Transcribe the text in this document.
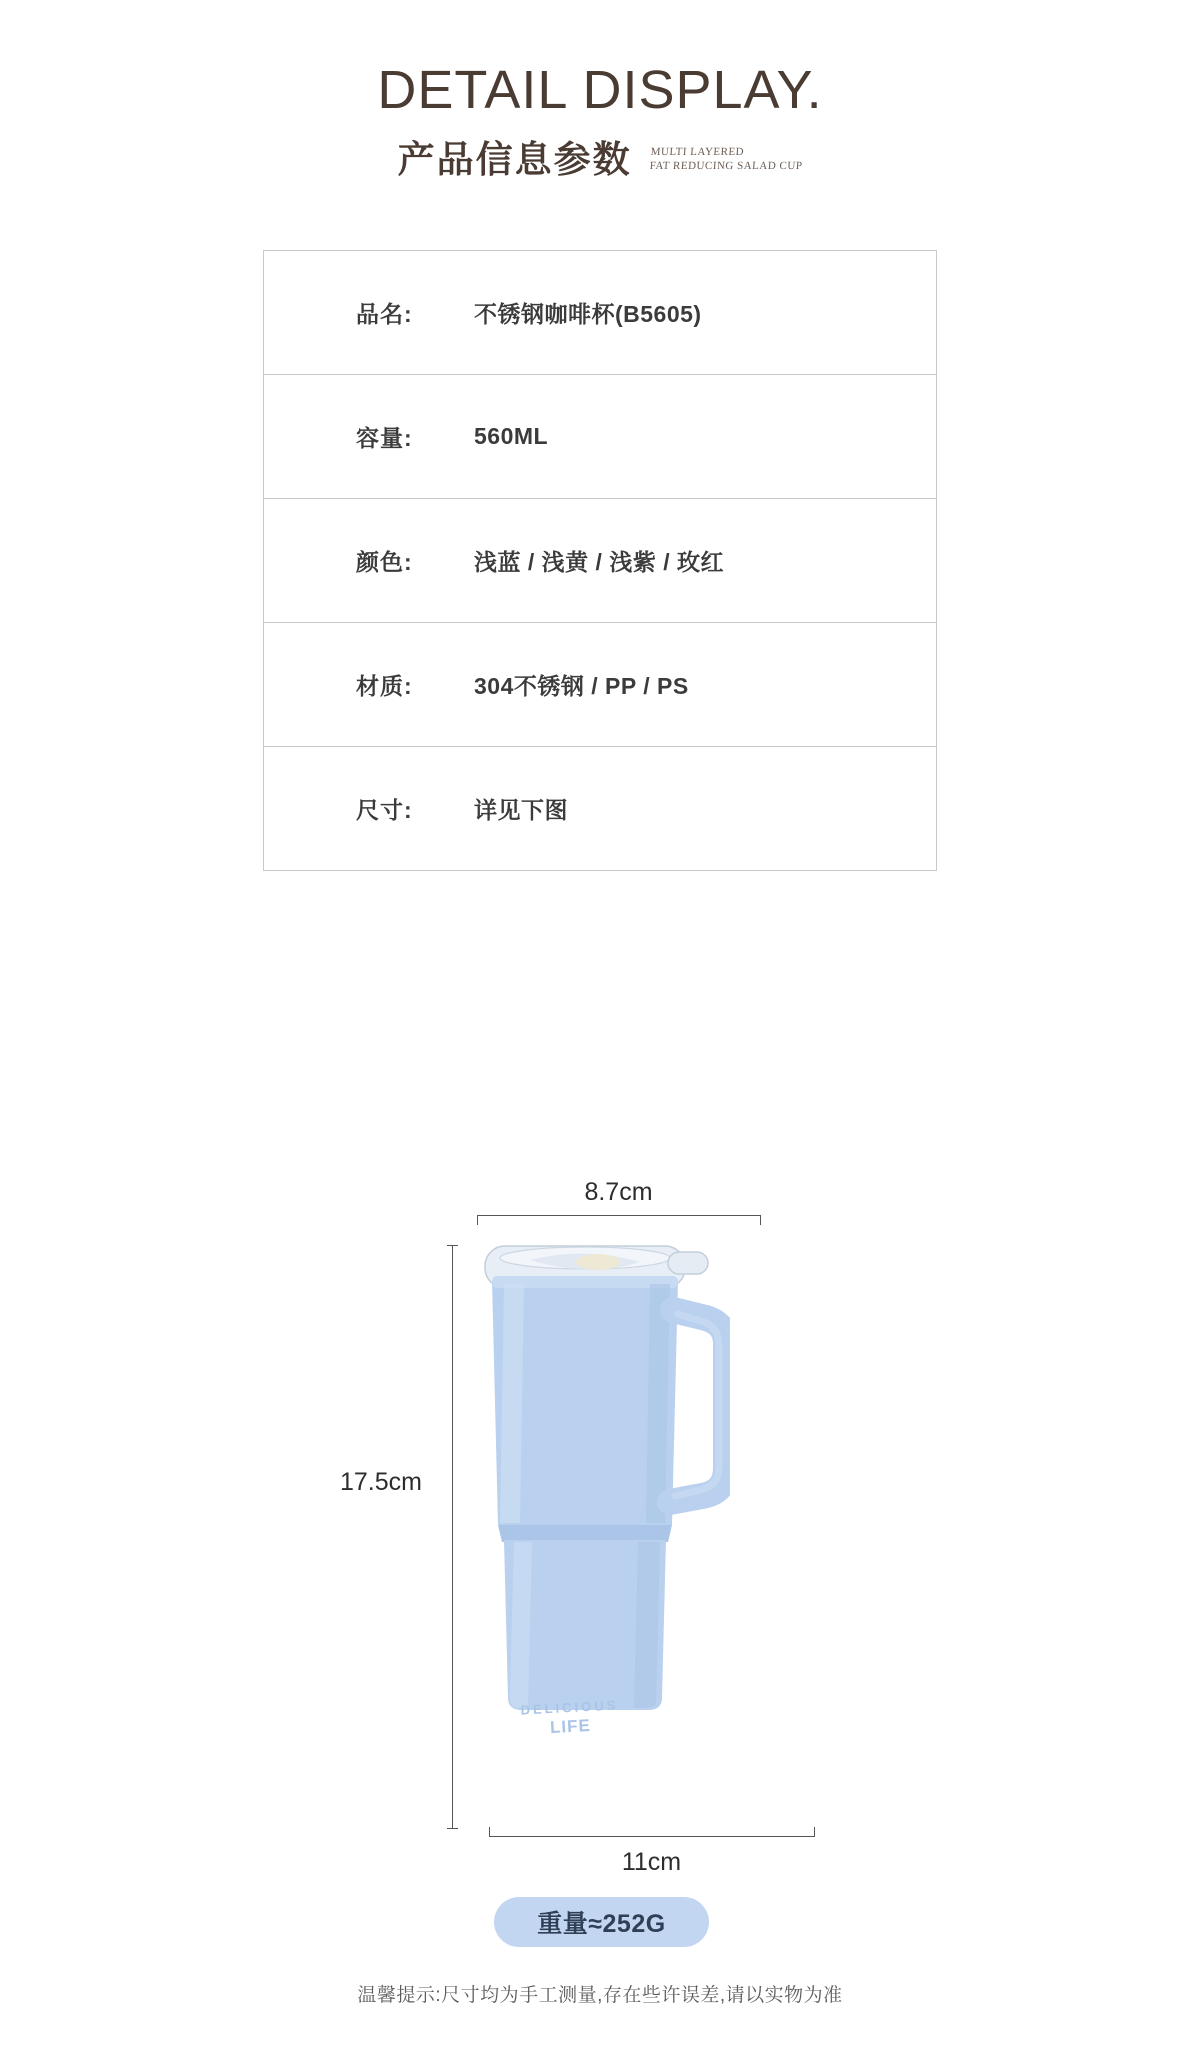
DETAIL DISPLAY.
产品信息参数 MULTI LAYERED
FAT REDUCING SALAD CUP
品名:	不锈钢咖啡杯(B5605)
容量:	560ML
颜色:	浅蓝 / 浅黄 / 浅紫 / 玫红
材质:	304不锈钢 / PP / PS
尺寸:	详见下图
DELICIOUS
LIFE
8.7cm
17.5cm
11cm
重量≈252G
温馨提示:尺寸均为手工测量,存在些许误差,请以实物为准
